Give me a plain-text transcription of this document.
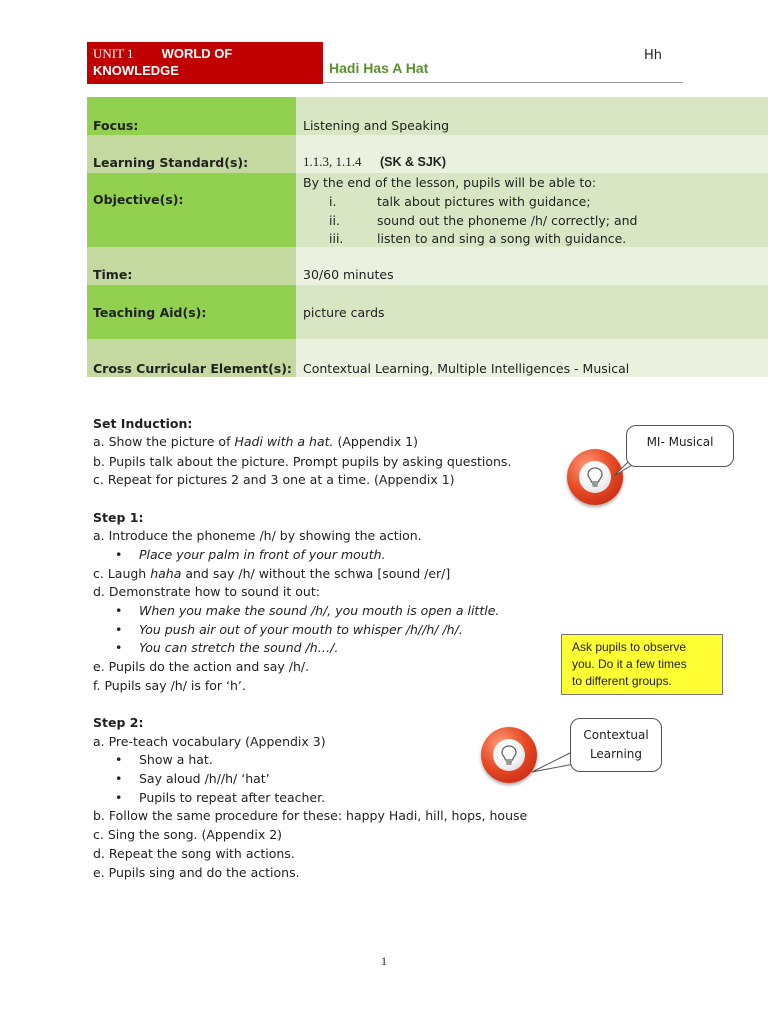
UNIT 1 WORLD OF KNOWLEDGE	Hadi Has A Hat
Hh
Focus:	Listening and Speaking
Learning Standard(s):	1.1.3, 1.1.4 (SK & SJK)
Objective(s):
By the end of the lesson, pupils will be able to:
i.	talk about pictures with guidance;
ii.	sound out the phoneme /h/ correctly; and
iii.	listen to and sing a song with guidance.
Time:	30/60 minutes
Teaching Aid(s):	picture cards
Cross Curricular Element(s): Contextual Learning, Multiple Intelligences - Musical
Set Induction:
a. Show the picture of Hadi with a hat. (Appendix 1)
b. Pupils talk about the picture. Prompt pupils by asking questions.
c. Repeat for pictures 2 and 3 one at a time. (Appendix 1)
Step 1:
a. Introduce the phoneme /h/ by showing the action.
• Place your palm in front of your mouth.
c. Laugh haha and say /h/ without the schwa [sound /er/]
d. Demonstrate how to sound it out:
• When you make the sound /h/, you mouth is open a little.
• You push air out of your mouth to whisper /h//h/ /h/.
• You can stretch the sound /h…/.
e. Pupils do the action and say /h/.
f. Pupils say /h/ is for ‘h’.
Step 2:
a. Pre-teach vocabulary (Appendix 3)
• Show a hat.
• Say aloud /h//h/ ‘hat’
• Pupils to repeat after teacher.
b. Follow the same procedure for these: happy Hadi, hill, hops, house
c. Sing the song. (Appendix 2)
d. Repeat the song with actions.
e. Pupils sing and do the actions.
MI- Musical
Ask pupils to observe
you. Do it a few times
to different groups.
Contextual
Learning
1
